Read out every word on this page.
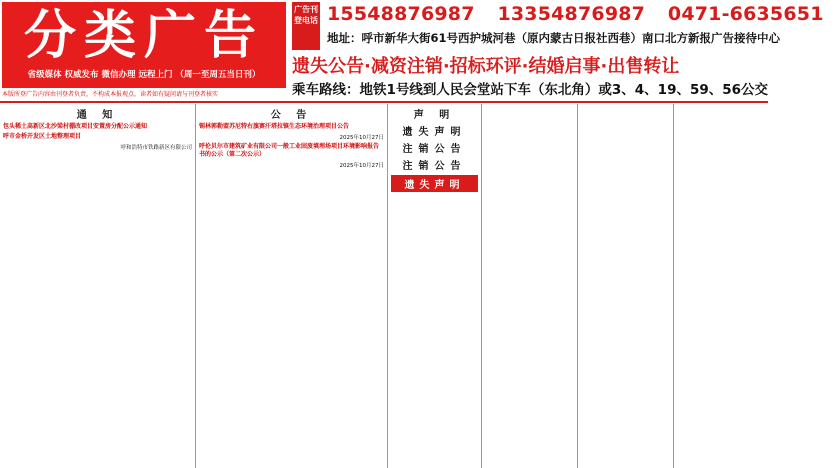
分类广告
省级媒体 权威发布 微信办理 远程上门 （周一至周五当日刊）
本版所登广告内容由刊登者负责，不构成本报观点，读者如有疑问请与刊登者核实
广告刊登电话 15548876987 13354876987 0471-6635651
地址：呼市新华大街61号西护城河巷（原内蒙古日报社西巷）南口北方新报广告接待中心
遗失公告·减资注销·招标环评·结婚启事·出售转让
乘车路线：地铁1号线到人民会堂站下车（东北角）或3、4、19、59、56公交
通 知
包头稀土高新区北沙梁村棚改项目安置房分配公示通知
呼市金桥开发区土地整理项目
呼和浩特市铁路新区有限公司
公 告
锡林郭勒盟苏尼特右旗赛汗塔拉镇生态环境治理项目公告
2025年10月27日
呼伦贝尔市建筑矿业有限公司一般工业固废填埋场项目环境影响报告书的公示（第二次公示）
2025年10月27日
声 明
遗失声明
注销公告
注销公告
遗失声明
